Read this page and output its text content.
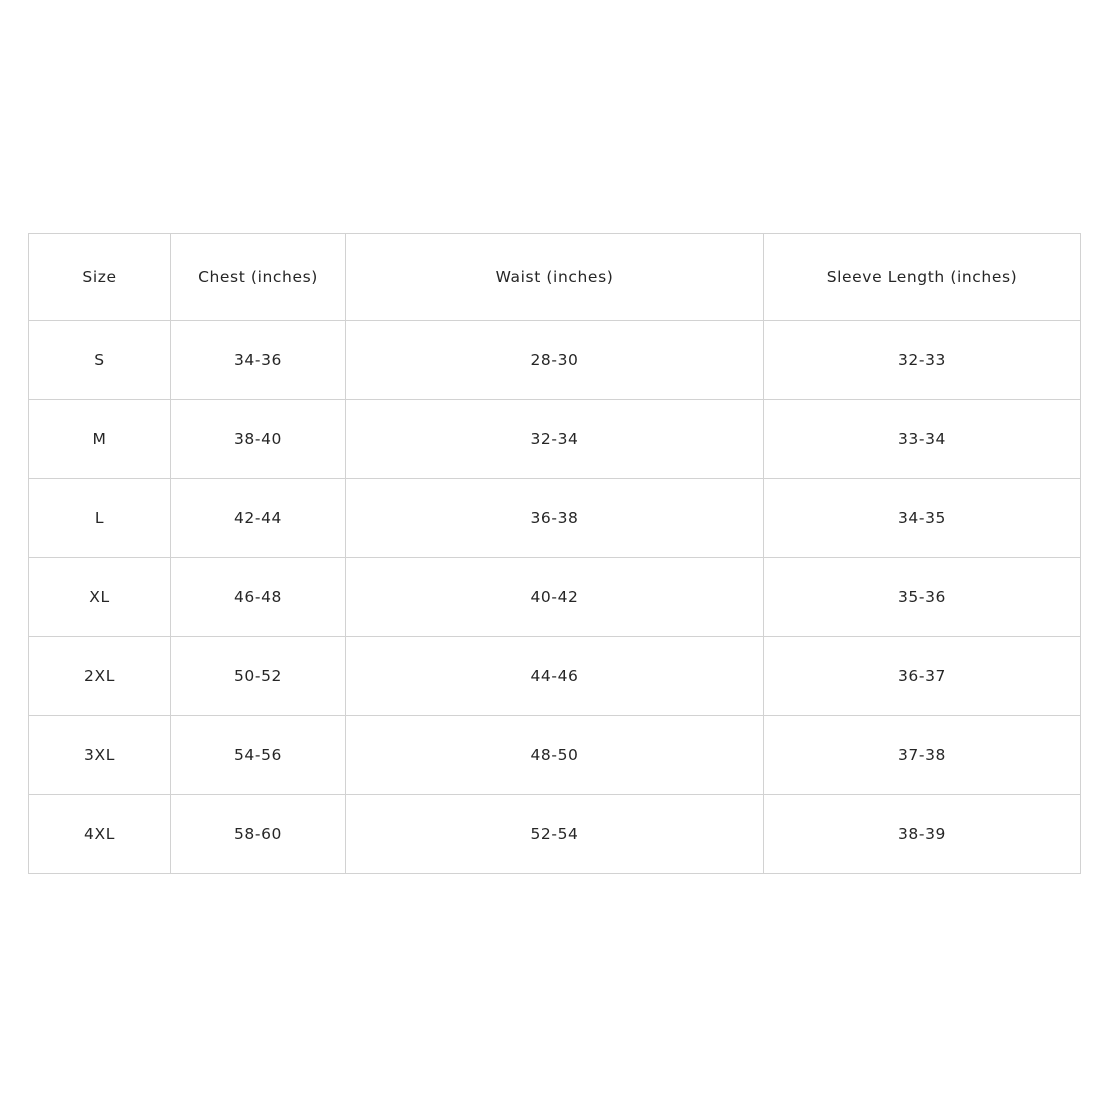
Size	Chest (inches)	Waist (inches)	Sleeve Length (inches)
S	34-36	28-30	32-33
M	38-40	32-34	33-34
L	42-44	36-38	34-35
XL	46-48	40-42	35-36
2XL	50-52	44-46	36-37
3XL	54-56	48-50	37-38
4XL	58-60	52-54	38-39
